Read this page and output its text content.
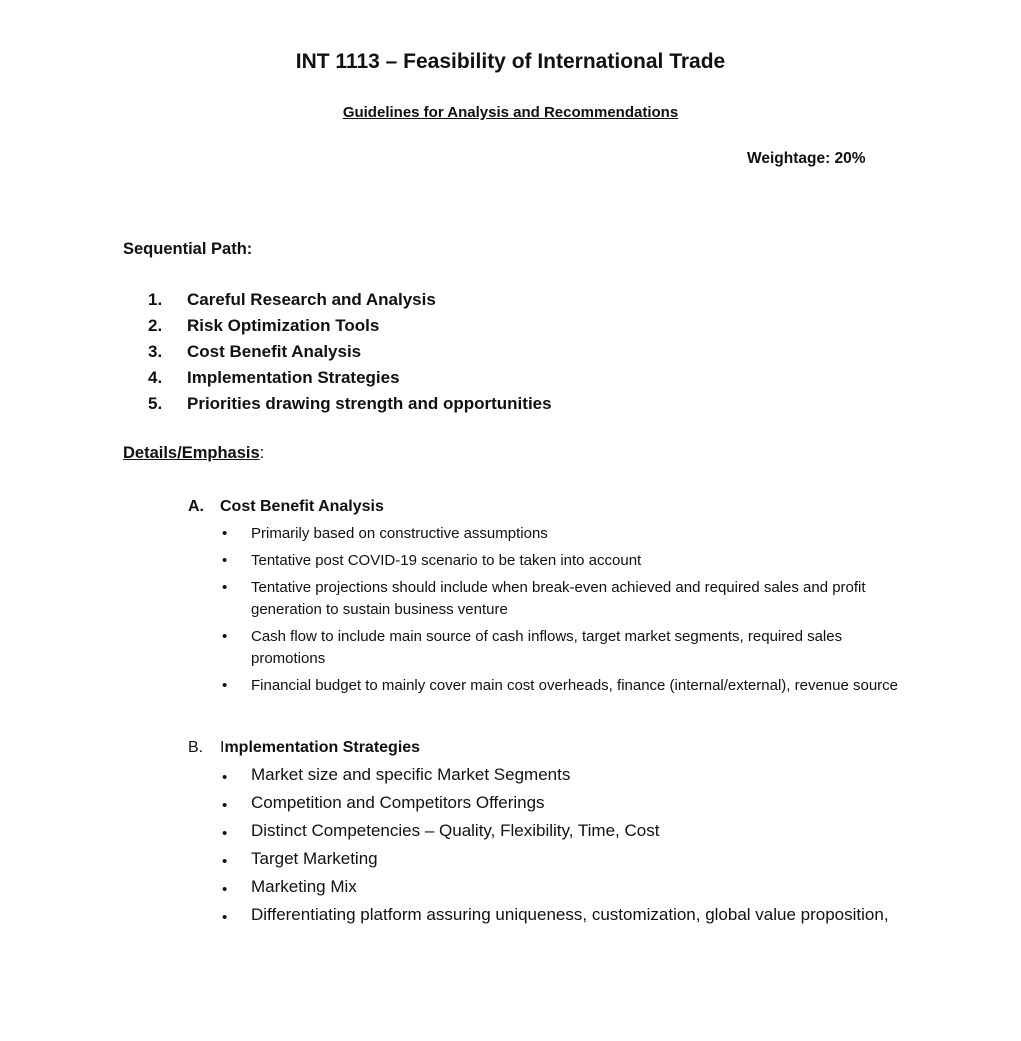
INT 1113 – Feasibility of International Trade
Guidelines for Analysis and Recommendations
Weightage: 20%
Sequential Path:
1.	Careful Research and Analysis
2.	Risk Optimization Tools
3.	Cost Benefit Analysis
4.	Implementation Strategies
5.	Priorities drawing strength and opportunities
Details/Emphasis:
A. Cost Benefit Analysis
•
Primarily based on constructive assumptions
•
Tentative post COVID-19 scenario to be taken into account
•
Tentative projections should include when break-even achieved and required sales and profit generation to sustain business venture
•
Cash flow to include main source of cash inflows, target market segments, required sales promotions
•
Financial budget to mainly cover main cost overheads, finance (internal/external), revenue source
B. Implementation Strategies
•
Market size and specific Market Segments
•
Competition and Competitors Offerings
•
Distinct Competencies – Quality, Flexibility, Time, Cost
•
Target Marketing
•
Marketing Mix
•
Differentiating platform assuring uniqueness, customization, global value proposition,
